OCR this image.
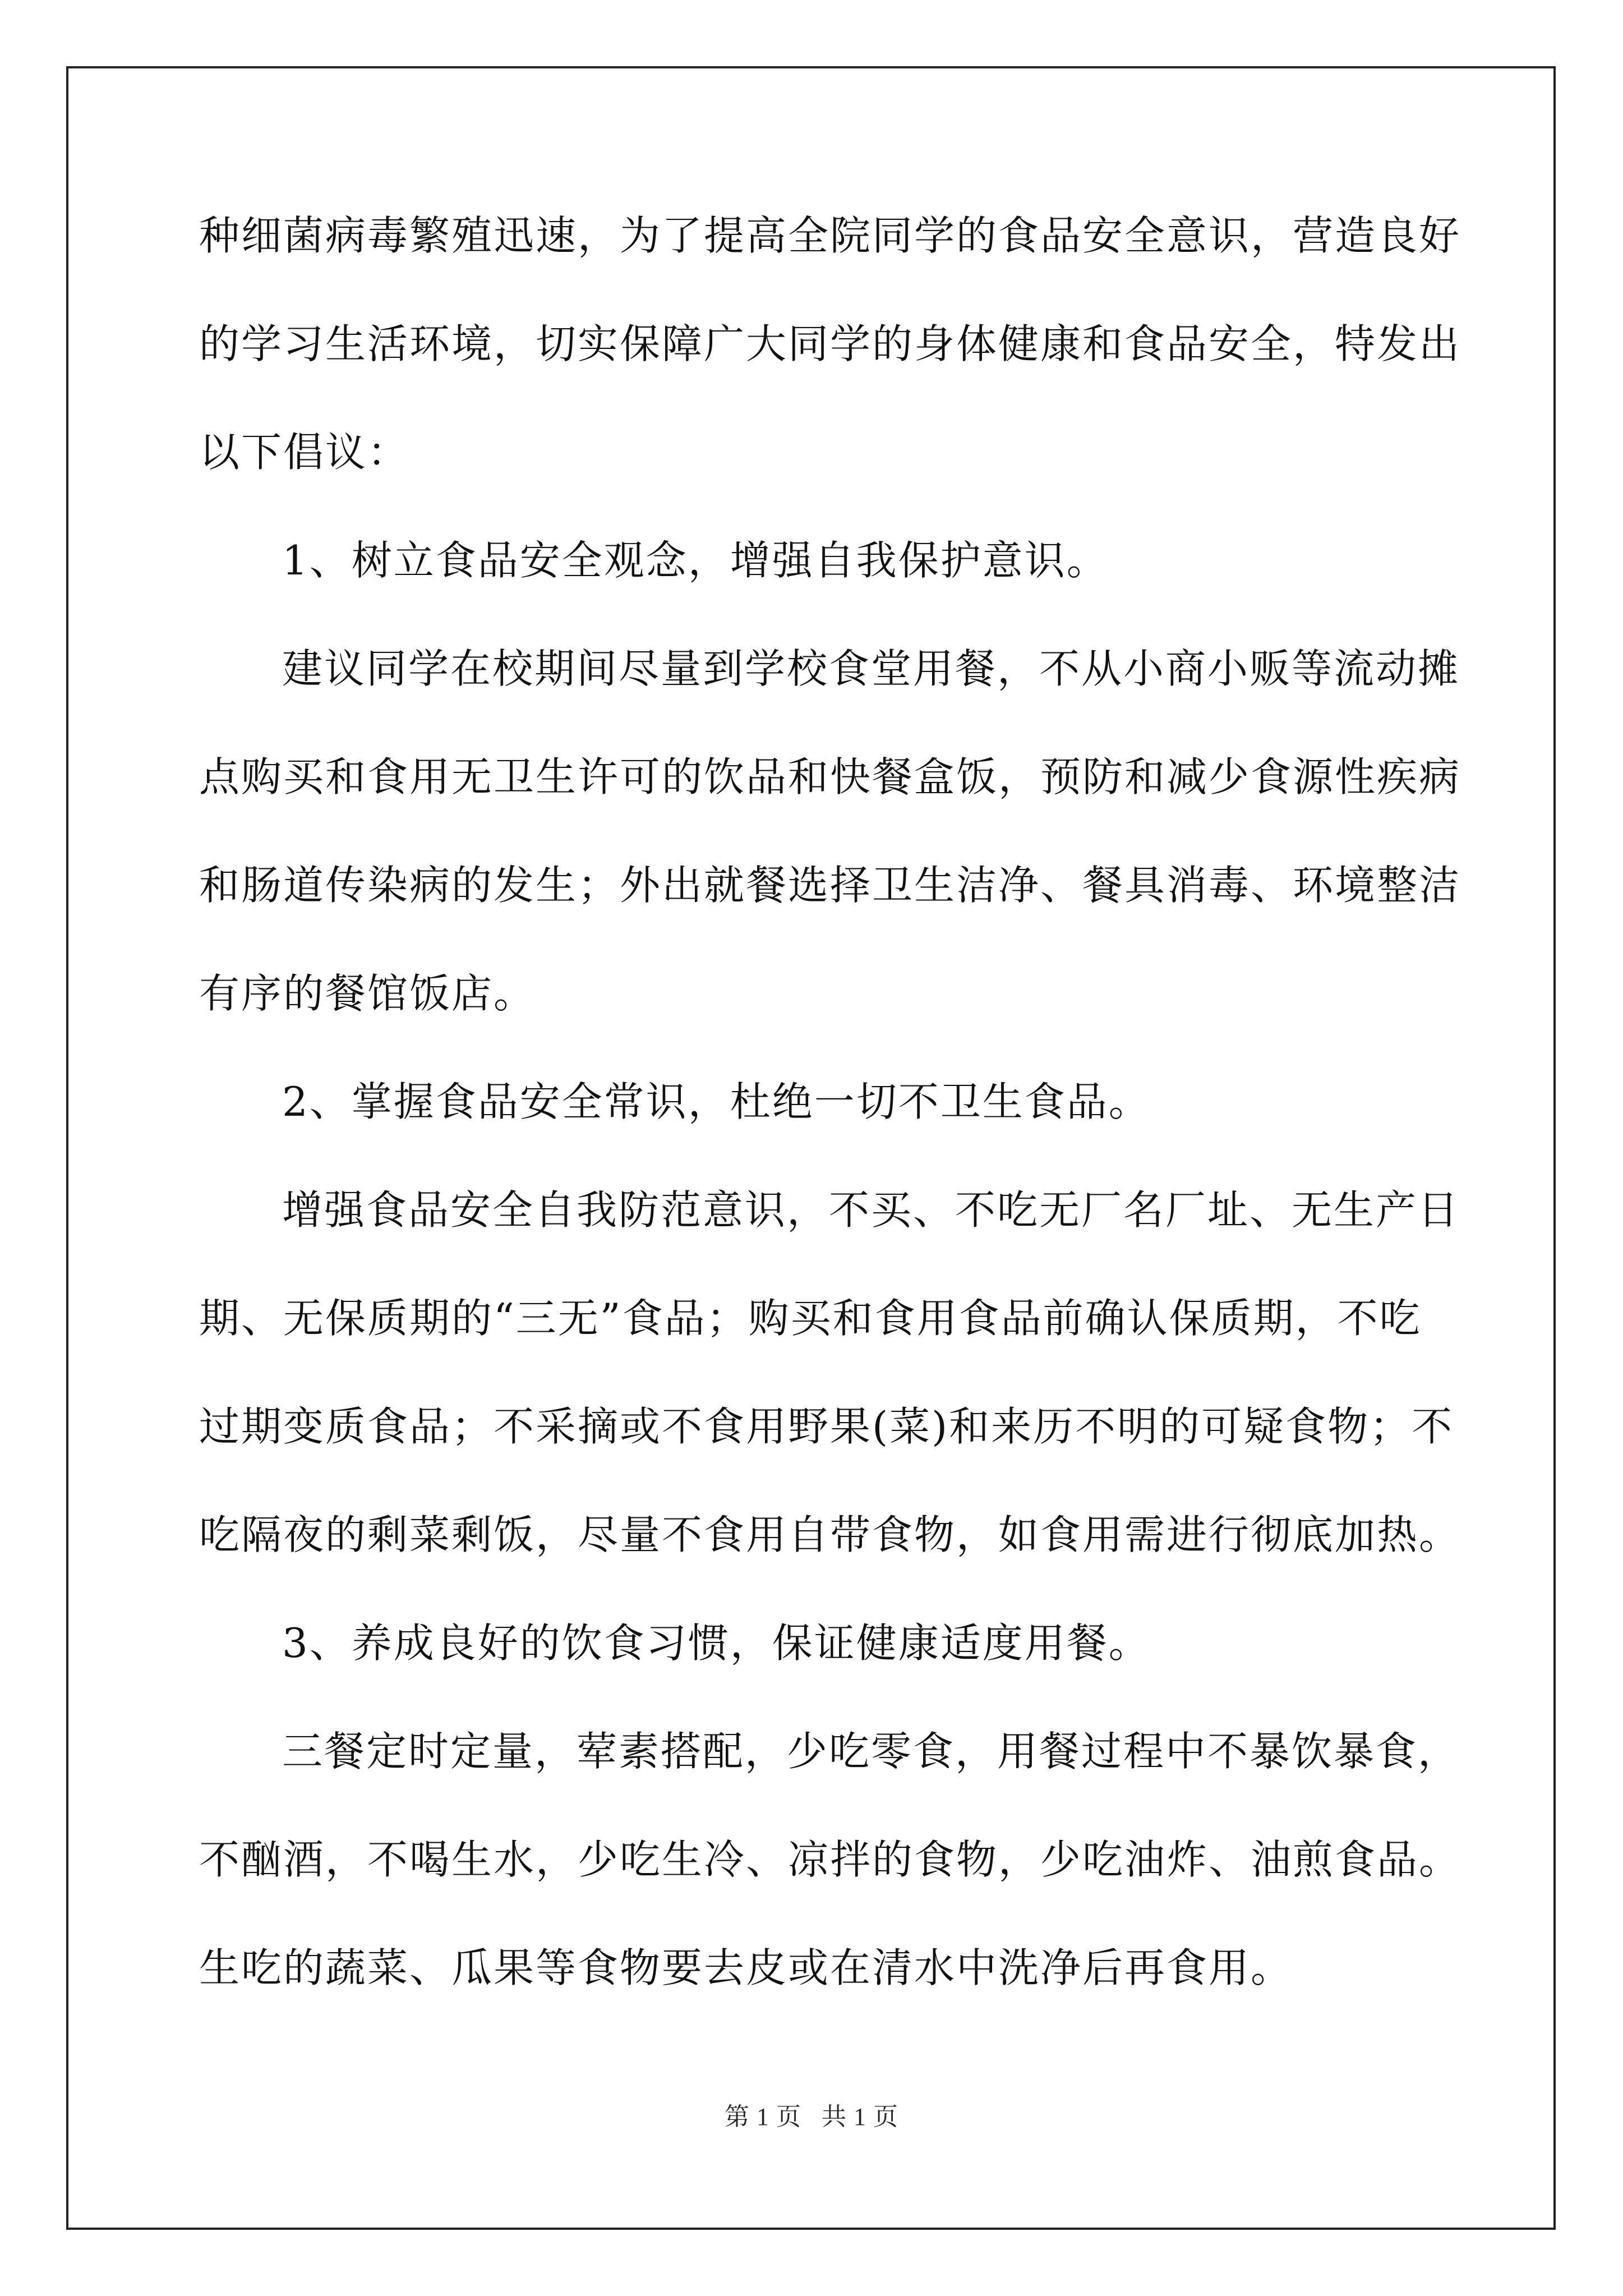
种细菌病毒繁殖迅速，为了提高全院同学的食品安全意识，营造良好
的学习生活环境，切实保障广大同学的身体健康和食品安全，特发出
以下倡议：
1、树立食品安全观念，增强自我保护意识。
建议同学在校期间尽量到学校食堂用餐，不从小商小贩等流动摊
点购买和食用无卫生许可的饮品和快餐盒饭，预防和减少食源性疾病
和肠道传染病的发生；外出就餐选择卫生洁净、餐具消毒、环境整洁
有序的餐馆饭店。
2、掌握食品安全常识，杜绝一切不卫生食品。
增强食品安全自我防范意识，不买、不吃无厂名厂址、无生产日
期、无保质期的“三无”食品；购买和食用食品前确认保质期，不吃
过期变质食品；不采摘或不食用野果(菜)和来历不明的可疑食物；不
吃隔夜的剩菜剩饭，尽量不食用自带食物，如食用需进行彻底加热。
3、养成良好的饮食习惯，保证健康适度用餐。
三餐定时定量，荤素搭配，少吃零食，用餐过程中不暴饮暴食，
不酗酒，不喝生水，少吃生冷、凉拌的食物，少吃油炸、油煎食品。
生吃的蔬菜、瓜果等食物要去皮或在清水中洗净后再食用。
第 1 页 共 1 页
